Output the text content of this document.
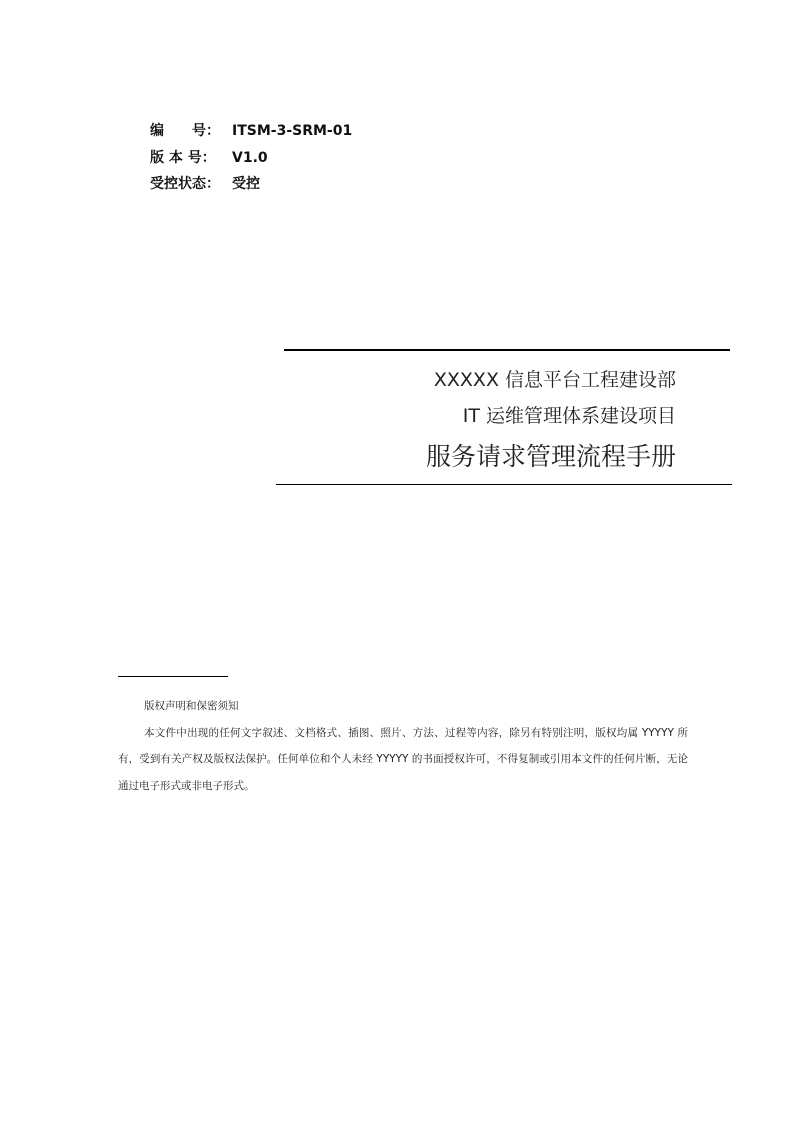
编　　号： ITSM-3-SRM-01
版 本 号：	V1.0
受控状态： 受控
XXXXX 信息平台工程建设部
IT 运维管理体系建设项目
服务请求管理流程手册
版权声明和保密须知
本文件中出现的任何文字叙述、文档格式、插图、照片、方法、过程等内容，除另有特别注明，版权均属 YYYYY 所有，受到有关产权及版权法保护。任何单位和个人未经 YYYYY 的书面授权许可，不得复制或引用本文件的任何片断，无论通过电子形式或非电子形式。
